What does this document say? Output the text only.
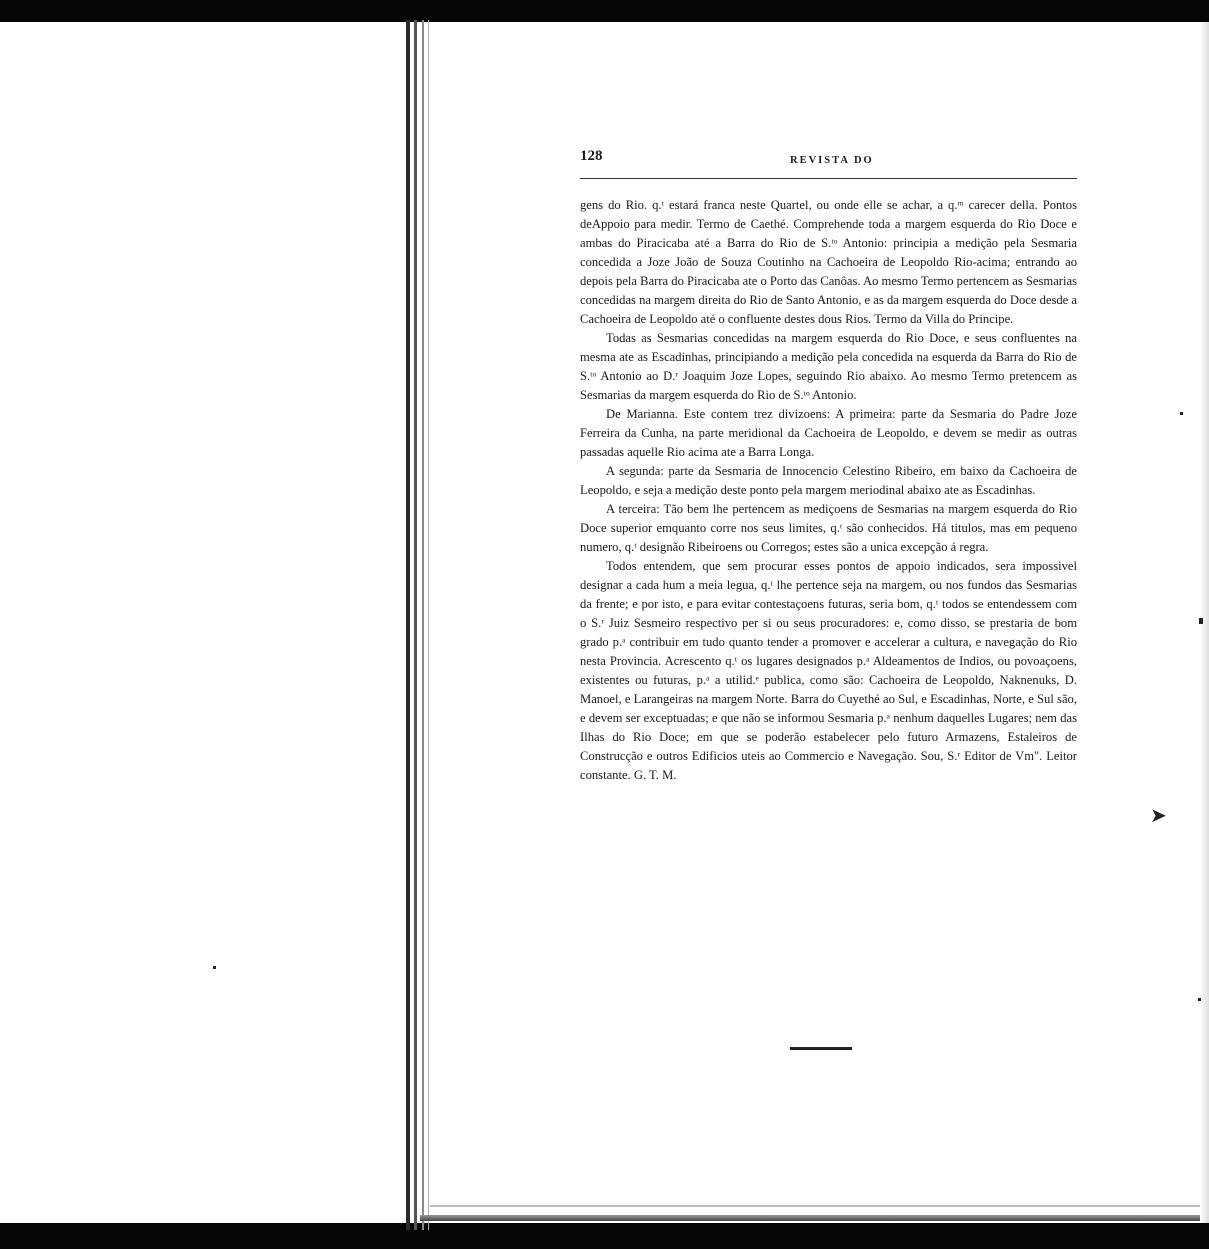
➤
128	REVISTA DO

gens do Rio. q.ᵗ estará franca neste Quartel, ou onde elle se achar, a q.ᵐ carecer della. Pontos deAppoio para medir. Termo de Caethé. Comprehende toda a margem esquerda do Rio Doce e ambas do Piracicaba até a Barra do Rio de S.ᵗᵒ Antonio: principia a medição pela Sesmaria concedida a Joze João de Souza Coutinho na Cachoeira de Leopoldo Rio-acima; entrando ao depois pela Barra do Piracicaba ate o Porto das Canôas. Ao mesmo Termo pertencem as Sesmarias concedidas na margem direita do Rio de Santo Antonio, e as da margem esquerda do Doce desde a Cachoeira de Leopoldo até o confluente destes dous Rios. Termo da Villa do Principe.

Todas as Sesmarias concedidas na margem esquerda do Rio Doce, e seus confluentes na mesma ate as Escadinhas, principiando a medição pela concedida na esquerda da Barra do Rio de S.ᵗᵒ Antonio ao D.ʳ Joaquim Joze Lopes, seguindo Rio abaixo. Ao mesmo Termo pretencem as Sesmarias da margem esquerda do Rio de S.ᵗᵒ Antonio.

De Marianna. Este contem trez divizoens: A primeira: parte da Sesmaria do Padre Joze Ferreira da Cunha, na parte meridional da Cachoeira de Leopoldo, e devem se medir as outras passadas aquelle Rio acima ate a Barra Longa.

A segunda: parte da Sesmaria de Innocencio Celestino Ribeiro, em baixo da Cachoeira de Leopoldo, e seja a medição deste ponto pela margem meriodinal abaixo ate as Escadinhas.

A terceira: Tão bem lhe pertencem as mediçoens de Sesmarias na margem esquerda do Rio Doce superior emquanto corre nos seus limites, q.ᵗ são conhecidos. Há titulos, mas em pequeno numero, q.ᵗ designão Ribeiroens ou Corregos; estes são a unica excepção á regra.

Todos entendem, que sem procurar esses pontos de appoio indicados, sera impossivel designar a cada hum a meia legua, q.ᵗ lhe pertence seja na margem, ou nos fundos das Sesmarias da frente; e por isto, e para evitar contestaçoens futuras, seria bom, q.ᵗ todos se entendessem com o S.ʳ Juiz Sesmeiro respectivo per si ou seus procuradores: e, como disso, se prestaria de bom grado p.ᵃ contribuir em tudo quanto tender a promover e accelerar a cultura, e navegação do Rio nesta Provincia. Acrescento q.ᵗ os lugares designados p.ᵃ Aldeamentos de Indios, ou povoaçoens, existentes ou futuras, p.ᵃ a utilid.ᵉ publica, como são: Cachoeira de Leopoldo, Naknenuks, D. Manoel, e Larangeiras na margem Norte. Barra do Cuyethé ao Sul, e Escadinhas, Norte, e Sul são, e devem ser exceptuadas; e que não se informou Sesmaria p.ᵃ nenhum daquelles Lugares; nem das Ilhas do Rio Doce; em que se poderão estabelecer pelo futuro Armazens, Estaleiros de Construcção e outros Edificios uteis ao Commercio e Navegação. Sou, S.ʳ Editor de Vm". Leitor constante. G. T. M.
